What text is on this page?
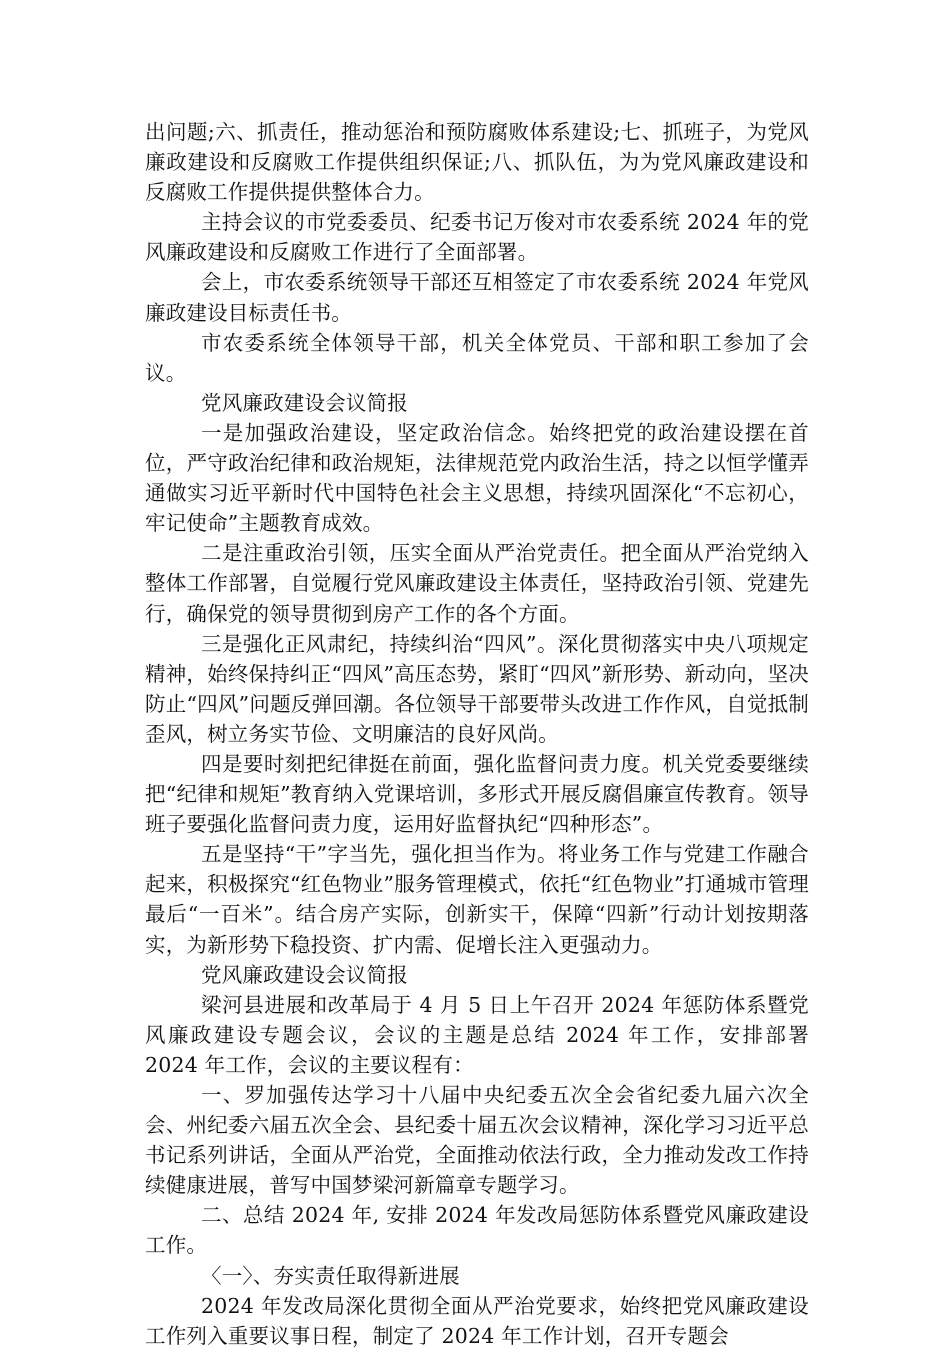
出问题;六、抓责任，推动惩治和预防腐败体系建设;七、抓班子，为党风廉政建设和反腐败工作提供组织保证;八、抓队伍，为为党风廉政建设和反腐败工作提供提供整体合力。

主持会议的市党委委员、纪委书记万俊对市农委系统 2024 年的党风廉政建设和反腐败工作进行了全面部署。

会上，市农委系统领导干部还互相签定了市农委系统 2024 年党风廉政建设目标责任书。

市农委系统全体领导干部，机关全体党员、干部和职工参加了会议。

党风廉政建设会议简报

一是加强政治建设，坚定政治信念。始终把党的政治建设摆在首位，严守政治纪律和政治规矩，法律规范党内政治生活，持之以恒学懂弄通做实习近平新时代中国特色社会主义思想，持续巩固深化“不忘初心，牢记使命”主题教育成效。

二是注重政治引领，压实全面从严治党责任。把全面从严治党纳入整体工作部署，自觉履行党风廉政建设主体责任，坚持政治引领、党建先行，确保党的领导贯彻到房产工作的各个方面。

三是强化正风肃纪，持续纠治“四风”。深化贯彻落实中央八项规定精神，始终保持纠正“四风”高压态势，紧盯“四风”新形势、新动向，坚决防止“四风”问题反弹回潮。各位领导干部要带头改进工作作风，自觉抵制歪风，树立务实节俭、文明廉洁的良好风尚。

四是要时刻把纪律挺在前面，强化监督问责力度。机关党委要继续把“纪律和规矩”教育纳入党课培训，多形式开展反腐倡廉宣传教育。领导班子要强化监督问责力度，运用好监督执纪“四种形态”。

五是坚持“干”字当先，强化担当作为。将业务工作与党建工作融合起来，积极探究“红色物业”服务管理模式，依托“红色物业”打通城市管理最后“一百米”。结合房产实际，创新实干，保障“四新”行动计划按期落实，为新形势下稳投资、扩内需、促增长注入更强动力。

党风廉政建设会议简报

梁河县进展和改革局于 4 月 5 日上午召开 2024 年惩防体系暨党风廉政建设专题会议，会议的主题是总结 2024 年工作，安排部署 2024 年工作，会议的主要议程有：

一、罗加强传达学习十八届中央纪委五次全会省纪委九届六次全会、州纪委六届五次全会、县纪委十届五次会议精神，深化学习习近平总书记系列讲话，全面从严治党，全面推动依法行政，全力推动发改工作持续健康进展，普写中国梦梁河新篇章专题学习。

二、总结 2024 年, 安排 2024 年发改局惩防体系暨党风廉政建设工作。

〈一〉、夯实责任取得新进展

2024 年发改局深化贯彻全面从严治党要求，始终把党风廉政建设工作列入重要议事日程，制定了 2024 年工作计划，召开专题会
